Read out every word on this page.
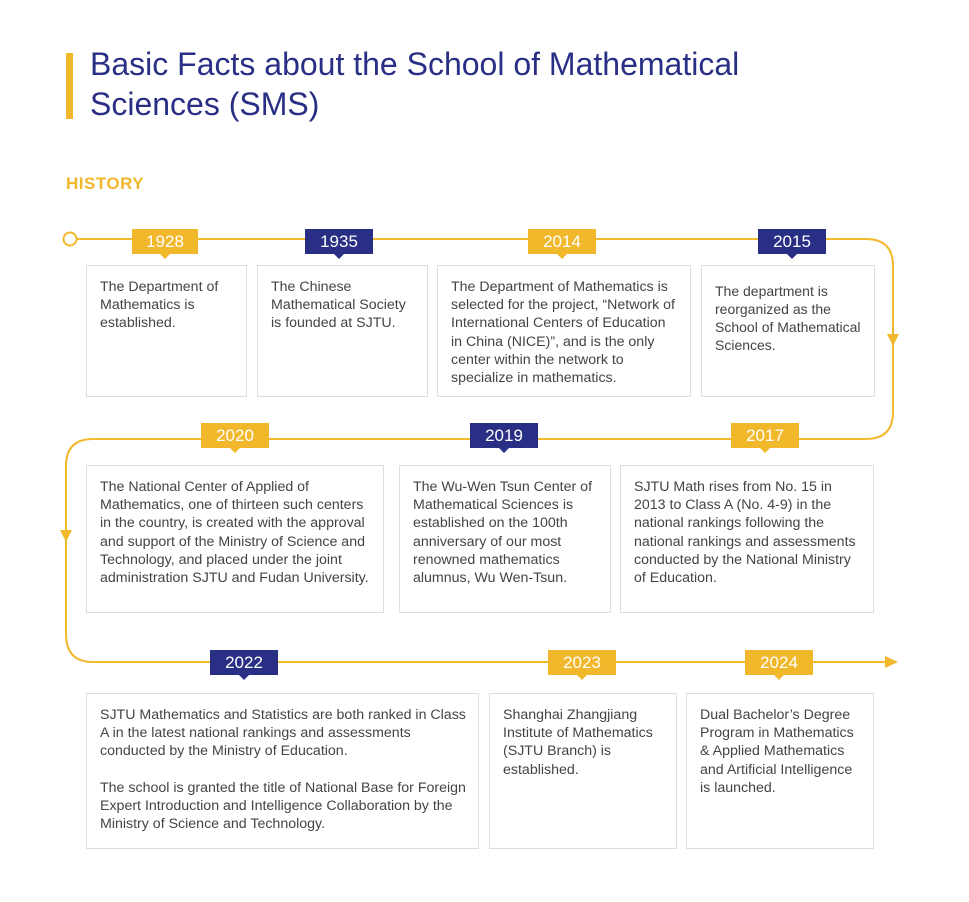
Basic Facts about the School of Mathematical Sciences (SMS)
HISTORY
1928	1935	2014	2015
2017
2019
2020
2022	2023	2024

The Department of Mathematics is established.

The Chinese Mathematical Society is founded at SJTU.

The Department of Mathematics is selected for the project, “Network of International Centers of Education in China (NICE)”, and is the only center within the network to specialize in mathematics.

The department is reorganized as the School of Mathematical Sciences.

SJTU Math rises from No. 15 in 2013 to Class A (No. 4-9) in the national rankings following the national rankings and assessments conducted by the National Ministry of Education.

The Wu-Wen Tsun Center of Mathematical Sciences is established on the 100th anniversary of our most renowned mathematics alumnus, Wu Wen-Tsun.

The National Center of Applied of Mathematics, one of thirteen such centers in the country, is created with the approval and support of the Ministry of Science and Technology, and placed under the joint administration SJTU and Fudan University.

SJTU Mathematics and Statistics are both ranked in Class A in the latest national rankings and assessments conducted by the Ministry of Education.

The school is granted the title of National Base for Foreign Expert Introduction and Intelligence Collaboration by the Ministry of Science and Technology.

Shanghai Zhangjiang Institute of Mathematics (SJTU Branch) is established.

Dual Bachelor’s Degree Program in Mathematics & Applied Mathematics and Artificial Intelligence is launched.
